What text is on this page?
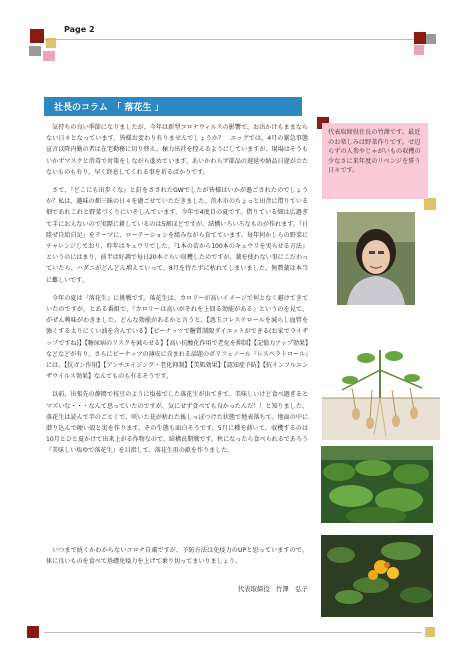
Page 2
社長のコラム　「 落花生 」

気持ちの良い季節になりましたが、今年は新型コロナウィルスの影響で、お出かけもままならない日々となっています。皆様お変わり有りませんでしょうか？　エッグでは、4月の緊急事態宣言以降内勤の者は在宅勤務に切り替え、極力出社を控えるようにしていますが、現場はそうもいかずマスクと消毒で対策をしながら進めています。あいかわらず部品の遅延や納品日遅が立たないものも有り、早く終息してくれる事を祈るばかりです。

さて、『どこにも出歩くな』と釘をさされたGWでしたが皆様はいかが過ごされたのでしょうか？私は、趣味の畑三昧の日々を過ごせていただきました。茨木市のちょっと田舎に借りている畑であれこれと野菜づくりにいそしんでいます。今年で4度目の夏です。借りている畑は広過ぎて手におえないので実際に耕しているのは5割ほどですが、結構いろいろなものが作れます。『日陰ぜ自給自足』をテーマに、ローテーションを組みながら育てています。毎年何かしらの野菜にチャレンジしており、昨年はキュウリでした。『1本の苗から100本のキュウリを実らせる方法』というのにはまり、前半は好調で毎日20本ぐらい収穫したのですが、薬を使わない事にこだわっていたら、ハダニがどんどん増えていって、8月を待たずに枯れてしまいました。無農薬は本当に難しいです。

今年の夏は『落花生』に挑戦です。落花生は、カロリーが高いイメージで何となく避けてきていたのですが、とある番組で、『カロリーは高いがそれを上回る効能がある』というのを見て、がぜん興味がわきました。どんな効能があるかと言うと、【悪玉コレステロールを減らし血管を強くする太りにくい油を含んでいる】【ピーナッツで糖質制限ダイエットができる(お家でライザップですね)】【糖尿病のリスクを減らせる】【高い抗酸化作用で老化を抑制】【記憶力アップ効果】などなどが有り、さらにピーナッツの薄皮に含まれる話題のポリフェノール『レスベラトロール』には、【抗ガン作用】【アンチエイジング・老化抑制】【美肌効果】【認知症予防】【抗インフルエンザウイルス効果】なんてものも有るそうです。

以前、出張先の静岡で枝豆のように塩茹でした落花生が出てきて、美味しいけど食べ過ぎるとマズいな・・・なんて思っていたのですが、気にせず食べても良かったんだ！！と知りました。落花生は読んで字のごとくで、咲いた花が枯れた後しっぽつけた状態で地表落ちて、地面の中に潜り込んで硬い殻と実を作ります。その生態も面白そうです。5月に種を蒔いて、収穫するのは10月とひと夏かけて出来上がる作物なので、結構長期戦です。秋になったら食べられるであろう『美味しい塩ゆで落花生』を目指して、落花生用の畝を作りました。

いつまで続くかわからないコロナ自粛ですが、予防方法は免疫力のUPと思っていますので、体に良いものを食べて基礎免疫力を上げて乗り切ってまいりましょう。
代表取締役　竹澤　弘子
代表取締役社長の竹澤です。最近のお楽しみは野菜作りです。せ辺らずの人参やじゃがいもの収穫の少なさに来年度のリベンジを誓う日々です。
